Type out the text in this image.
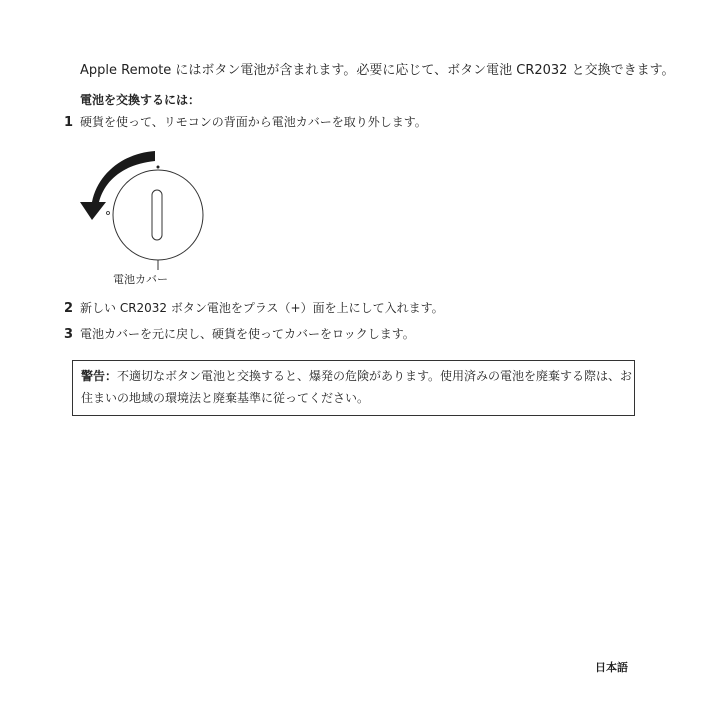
Apple Remote にはボタン電池が含まれます。必要に応じて、ボタン電池 CR2032 と交換できます。
電池を交換するには：
1 硬貨を使って、リモコンの背面から電池カバーを取り外します。
電池カバー
2 新しい CR2032 ボタン電池をプラス（+）面を上にして入れます。
3 電池カバーを元に戻し、硬貨を使ってカバーをロックします。
警告：不適切なボタン電池と交換すると、爆発の危険があります。使用済みの電池を廃棄する際は、お住まいの地域の環境法と廃棄基準に従ってください。
日本語
